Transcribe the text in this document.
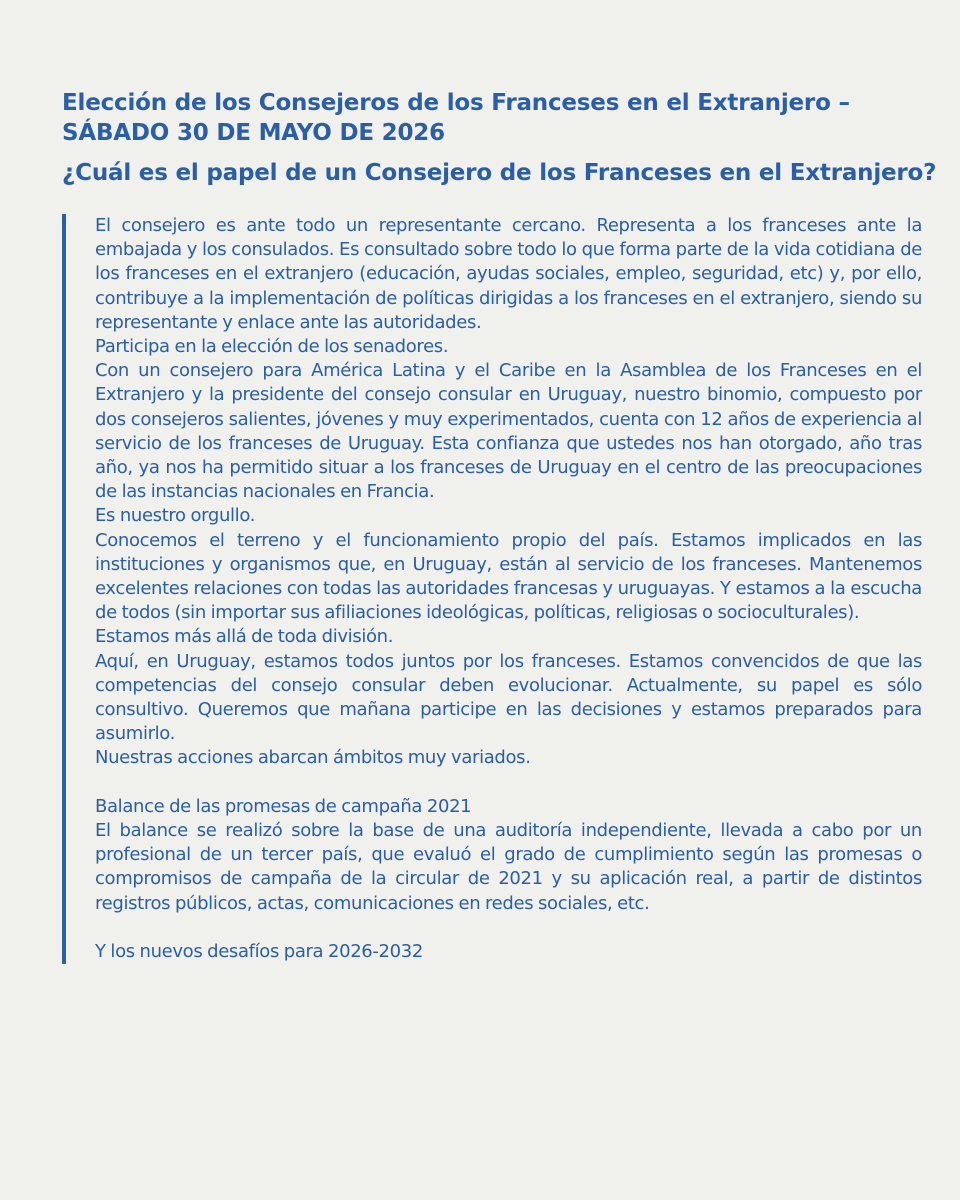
Elección de los Consejeros de los Franceses en el Extranjero –
SÁBADO 30 DE MAYO DE 2026
¿Cuál es el papel de un Consejero de los Franceses en el Extranjero?

El consejero es ante todo un representante cercano. Representa a los franceses ante la embajada y los consulados. Es consultado sobre todo lo que forma parte de la vida cotidiana de los franceses en el extranjero (educación, ayudas sociales, empleo, seguridad, etc) y, por ello, contribuye a la implementación de políticas dirigidas a los franceses en el extranjero, siendo su representante y enlace ante las autoridades.

Participa en la elección de los senadores.

Con un consejero para América Latina y el Caribe en la Asamblea de los Franceses en el Extranjero y la presidente del consejo consular en Uruguay, nuestro binomio, compuesto por dos consejeros salientes, jóvenes y muy experimentados, cuenta con 12 años de experiencia al servicio de los franceses de Uruguay. Esta confianza que ustedes nos han otorgado, año tras año, ya nos ha permitido situar a los franceses de Uruguay en el centro de las preocupaciones de las instancias nacionales en Francia.

Es nuestro orgullo.

Conocemos el terreno y el funcionamiento propio del país. Estamos implicados en las instituciones y organismos que, en Uruguay, están al servicio de los franceses. Mantenemos excelentes relaciones con todas las autoridades francesas y uruguayas. Y estamos a la escucha de todos (sin importar sus afiliaciones ideológicas, políticas, religiosas o socioculturales).

Estamos más allá de toda división.

Aquí, en Uruguay, estamos todos juntos por los franceses. Estamos convencidos de que las competencias del consejo consular deben evolucionar. Actualmente, su papel es sólo consultivo. Queremos que mañana participe en las decisiones y estamos preparados para asumirlo.

Nuestras acciones abarcan ámbitos muy variados.

Balance de las promesas de campaña 2021

El balance se realizó sobre la base de una auditoría independiente, llevada a cabo por un profesional de un tercer país, que evaluó el grado de cumplimiento según las promesas o compromisos de campaña de la circular de 2021 y su aplicación real, a partir de distintos registros públicos, actas, comunicaciones en redes sociales, etc.

Y los nuevos desafíos para 2026-2032
